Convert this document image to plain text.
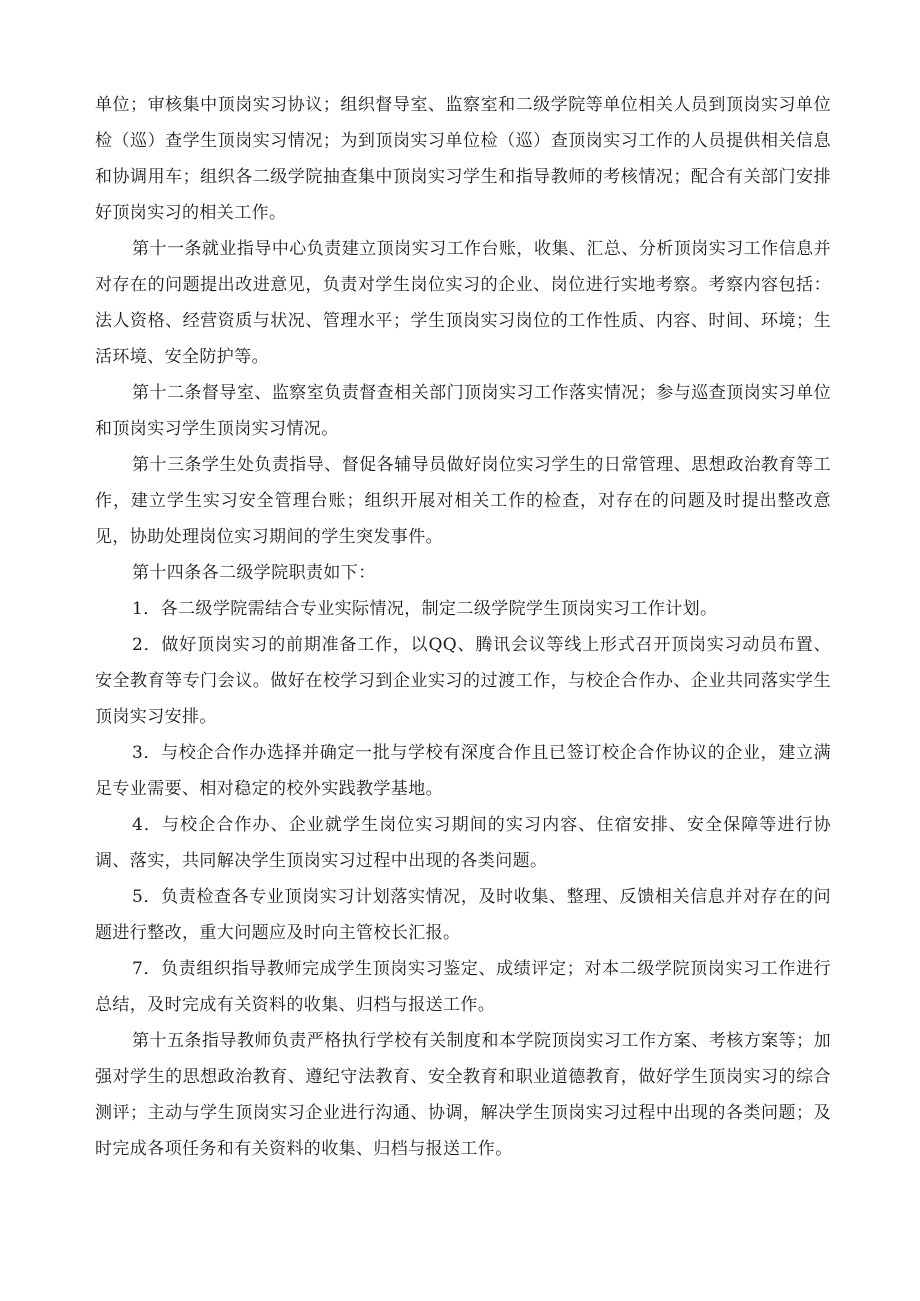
单位；审核集中顶岗实习协议；组织督导室、监察室和二级学院等单位相关人员到顶岗实习单位检（巡）查学生顶岗实习情况；为到顶岗实习单位检（巡）查顶岗实习工作的人员提供相关信息和协调用车；组织各二级学院抽查集中顶岗实习学生和指导教师的考核情况；配合有关部门安排好顶岗实习的相关工作。

第十一条就业指导中心负责建立顶岗实习工作台账，收集、汇总、分析顶岗实习工作信息并对存在的问题提出改进意见，负责对学生岗位实习的企业、岗位进行实地考察。考察内容包括：法人资格、经营资质与状况、管理水平；学生顶岗实习岗位的工作性质、内容、时间、环境；生活环境、安全防护等。

第十二条督导室、监察室负责督查相关部门顶岗实习工作落实情况；参与巡查顶岗实习单位和顶岗实习学生顶岗实习情况。

第十三条学生处负责指导、督促各辅导员做好岗位实习学生的日常管理、思想政治教育等工作，建立学生实习安全管理台账；组织开展对相关工作的检查，对存在的问题及时提出整改意见，协助处理岗位实习期间的学生突发事件。

第十四条各二级学院职责如下：

1．各二级学院需结合专业实际情况，制定二级学院学生顶岗实习工作计划。

2．做好顶岗实习的前期准备工作，以QQ、腾讯会议等线上形式召开顶岗实习动员布置、安全教育等专门会议。做好在校学习到企业实习的过渡工作，与校企合作办、企业共同落实学生顶岗实习安排。

3．与校企合作办选择并确定一批与学校有深度合作且已签订校企合作协议的企业，建立满足专业需要、相对稳定的校外实践教学基地。

4．与校企合作办、企业就学生岗位实习期间的实习内容、住宿安排、安全保障等进行协调、落实，共同解决学生顶岗实习过程中出现的各类问题。

5．负责检查各专业顶岗实习计划落实情况，及时收集、整理、反馈相关信息并对存在的问题进行整改，重大问题应及时向主管校长汇报。

7．负责组织指导教师完成学生顶岗实习鉴定、成绩评定；对本二级学院顶岗实习工作进行总结，及时完成有关资料的收集、归档与报送工作。

第十五条指导教师负责严格执行学校有关制度和本学院顶岗实习工作方案、考核方案等；加强对学生的思想政治教育、遵纪守法教育、安全教育和职业道德教育，做好学生顶岗实习的综合测评；主动与学生顶岗实习企业进行沟通、协调，解决学生顶岗实习过程中出现的各类问题；及时完成各项任务和有关资料的收集、归档与报送工作。
